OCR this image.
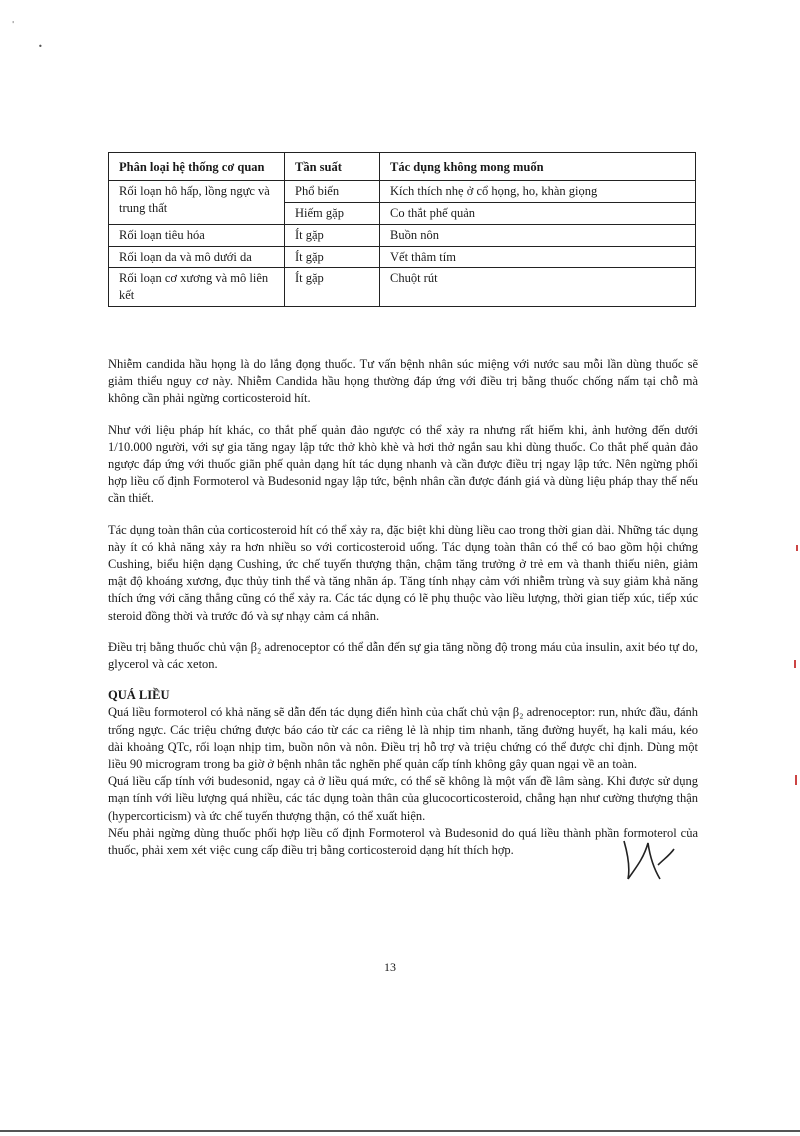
'
•
Phân loại hệ thống cơ quan	Tần suất	Tác dụng không mong muốn
Rối loạn hô hấp, lồng ngực và trung thất	Phổ biến	Kích thích nhẹ ở cổ họng, ho, khàn giọng
	Hiếm gặp	Co thắt phế quản
Rối loạn tiêu hóa	Ít gặp	Buồn nôn
Rối loạn da và mô dưới da	Ít gặp	Vết thâm tím
Rối loạn cơ xương và mô liên kết	Ít gặp	Chuột rút

Nhiễm candida hầu họng là do lắng đọng thuốc. Tư vấn bệnh nhân súc miệng với nước sau mỗi lần dùng thuốc sẽ giảm thiểu nguy cơ này. Nhiễm Candida hầu họng thường đáp ứng với điều trị bằng thuốc chống nấm tại chỗ mà không cần phải ngừng corticosteroid hít.

Như với liệu pháp hít khác, co thắt phế quản đảo ngược có thể xảy ra nhưng rất hiếm khi, ảnh hưởng đến dưới 1/10.000 người, với sự gia tăng ngay lập tức thở khò khè và hơi thở ngắn sau khi dùng thuốc. Co thắt phế quản đảo ngược đáp ứng với thuốc giãn phế quản dạng hít tác dụng nhanh và cần được điều trị ngay lập tức. Nên ngừng phối hợp liều cố định Formoterol và Budesonid ngay lập tức, bệnh nhân cần được đánh giá và dùng liệu pháp thay thế nếu cần thiết.

Tác dụng toàn thân của corticosteroid hít có thể xảy ra, đặc biệt khi dùng liều cao trong thời gian dài. Những tác dụng này ít có khả năng xảy ra hơn nhiều so với corticosteroid uống. Tác dụng toàn thân có thể có bao gồm hội chứng Cushing, biểu hiện dạng Cushing, ức chế tuyến thượng thận, chậm tăng trưởng ở trẻ em và thanh thiếu niên, giảm mật độ khoáng xương, đục thủy tinh thể và tăng nhãn áp. Tăng tính nhạy cảm với nhiễm trùng và suy giảm khả năng thích ứng với căng thẳng cũng có thể xảy ra. Các tác dụng có lẽ phụ thuộc vào liều lượng, thời gian tiếp xúc, tiếp xúc steroid đồng thời và trước đó và sự nhạy cảm cá nhân.

Điều trị bằng thuốc chủ vận β₂ adrenoceptor có thể dẫn đến sự gia tăng nồng độ trong máu của insulin, axit béo tự do, glycerol và các xeton.

QUÁ LIỀU

Quá liều formoterol có khả năng sẽ dẫn đến tác dụng điển hình của chất chủ vận β₂ adrenoceptor: run, nhức đầu, đánh trống ngực. Các triệu chứng được báo cáo từ các ca riêng lẻ là nhịp tim nhanh, tăng đường huyết, hạ kali máu, kéo dài khoảng QTc, rối loạn nhịp tim, buồn nôn và nôn. Điều trị hỗ trợ và triệu chứng có thể được chỉ định. Dùng một liều 90 microgram trong ba giờ ở bệnh nhân tắc nghẽn phế quản cấp tính không gây quan ngại về an toàn.

Quá liều cấp tính với budesonid, ngay cả ở liều quá mức, có thể sẽ không là một vấn đề lâm sàng. Khi được sử dụng mạn tính với liều lượng quá nhiều, các tác dụng toàn thân của glucocorticosteroid, chẳng hạn như cường thượng thận (hypercorticism) và ức chế tuyến thượng thận, có thể xuất hiện.

Nếu phải ngừng dùng thuốc phối hợp liều cố định Formoterol và Budesonid do quá liều thành phần formoterol của thuốc, phải xem xét việc cung cấp điều trị bằng corticosteroid dạng hít thích hợp.

13
